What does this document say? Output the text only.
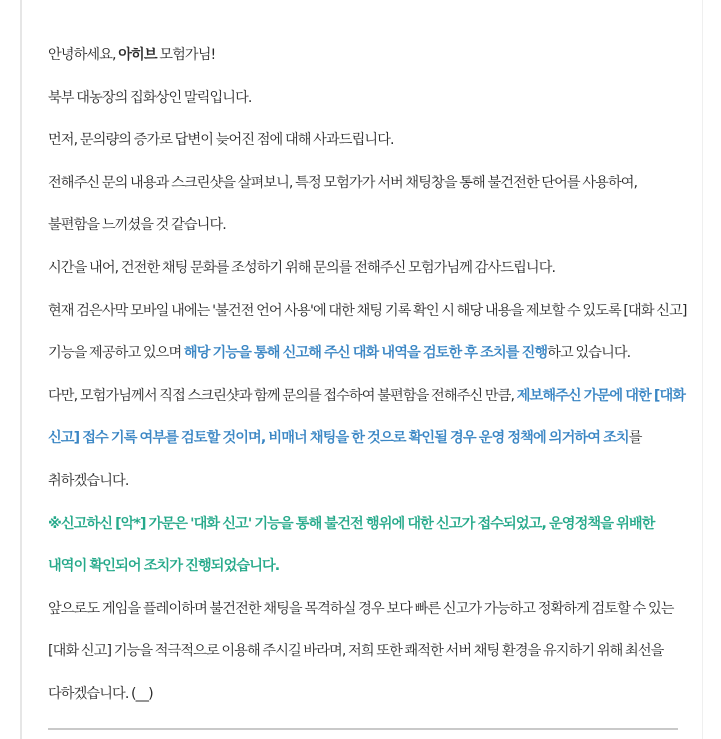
안녕하세요, 아히브 모험가님!

북부 대농장의 집화상인 말릭입니다.

먼저, 문의량의 증가로 답변이 늦어진 점에 대해 사과드립니다.

전해주신 문의 내용과 스크린샷을 살펴보니, 특정 모험가가 서버 채팅창을 통해 불건전한 단어를 사용하여, 불편함을 느끼셨을 것 같습니다.

시간을 내어, 건전한 채팅 문화를 조성하기 위해 문의를 전해주신 모험가님께 감사드립니다.

현재 검은사막 모바일 내에는 '불건전 언어 사용'에 대한 채팅 기록 확인 시 해당 내용을 제보할 수 있도록 [대화 신고] 기능을 제공하고 있으며 해당 기능을 통해 신고해 주신 대화 내역을 검토한 후 조치를 진행하고 있습니다.

다만, 모험가님께서 직접 스크린샷과 함께 문의를 접수하여 불편함을 전해주신 만큼, 제보해주신 가문에 대한 [대화 신고] 접수 기록 여부를 검토할 것이며, 비매너 채팅을 한 것으로 확인될 경우 운영 정책에 의거하여 조치를 취하겠습니다.

※신고하신 [악*] 가문은 '대화 신고' 기능을 통해 불건전 행위에 대한 신고가 접수되었고, 운영정책을 위배한 내역이 확인되어 조치가 진행되었습니다.

앞으로도 게임을 플레이하며 불건전한 채팅을 목격하실 경우 보다 빠른 신고가 가능하고 정확하게 검토할 수 있는 [대화 신고] 기능을 적극적으로 이용해 주시길 바라며, 저희 또한 쾌적한 서버 채팅 환경을 유지하기 위해 최선을 다하겠습니다. (__)
